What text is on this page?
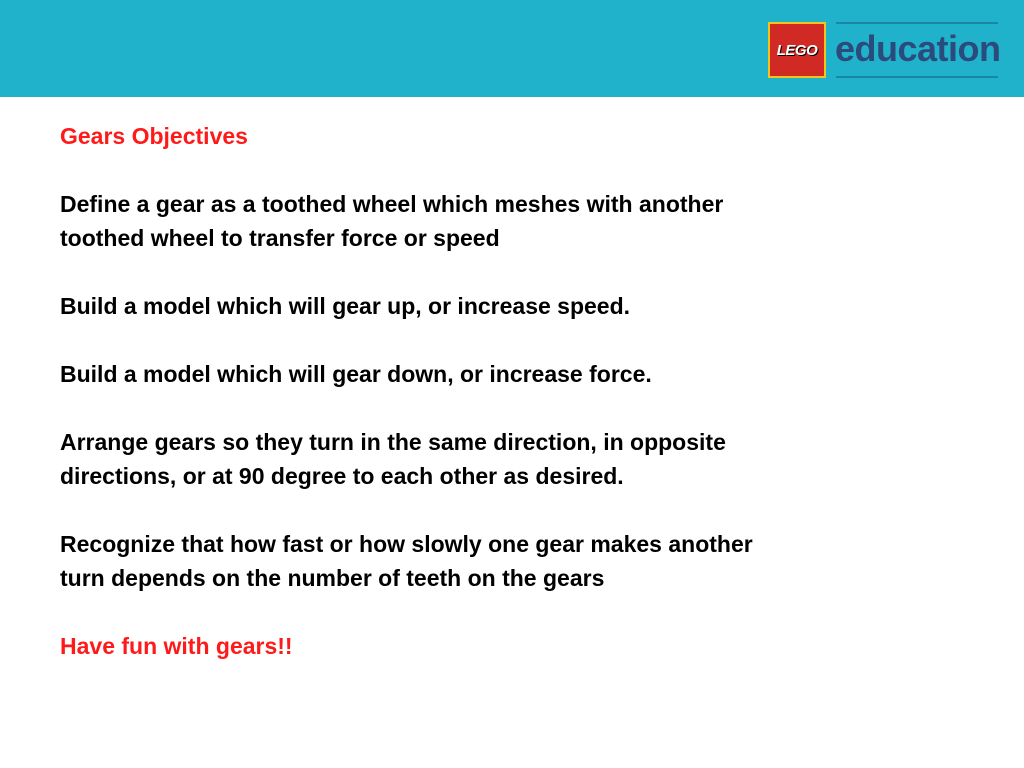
LEGO education

Gears Objectives

Define a gear as a toothed wheel which meshes with another

toothed wheel to transfer force or speed

Build a model which will gear up, or increase speed.

Build a model which will gear down, or increase force.

Arrange gears so they turn in the same direction, in opposite

directions, or at 90 degree to each other as desired.

Recognize that how fast or how slowly one gear makes another

turn depends on the number of teeth on the gears

Have fun with gears!!
